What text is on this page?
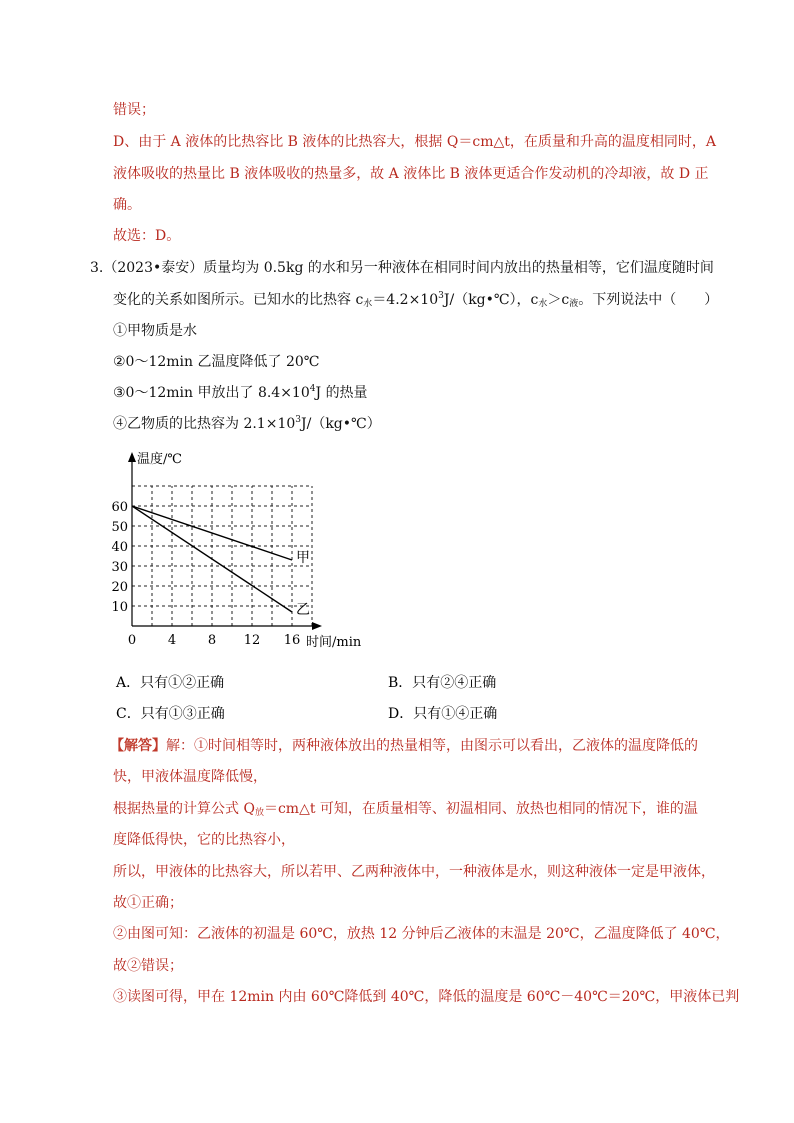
错误；
D、由于 A 液体的比热容比 B 液体的比热容大，根据 Q＝cm△t，在质量和升高的温度相同时，A
液体吸收的热量比 B 液体吸收的热量多，故 A 液体比 B 液体更适合作发动机的冷却液，故 D 正
确。
故选：D。
3.（2023•泰安）质量均为 0.5kg 的水和另一种液体在相同时间内放出的热量相等，它们温度随时间
变化的关系如图所示。已知水的比热容 $c_水=4.2\times 10^3J/(kg•℃)$，$c_水>c_液$。下列说法中（　　）
①甲物质是水
②0～12min 乙温度降低了 20℃
③0～12min 甲放出了 $8.4\times 10^4J$ 的热量
④乙物质的比热容为 $2.1\times 10^3J/(kg•℃)$
0 4 8 12 16
10
20
30
40
50
60
甲
乙
温度/℃
时间/min
A．只有①②正确	B．只有②④正确
C．只有①③正确	D．只有①④正确
【解答】解：①时间相等时，两种液体放出的热量相等，由图示可以看出，乙液体的温度降低的
快，甲液体温度降低慢，
根据热量的计算公式 $Q_放=cm\triangle t$ 可知，在质量相等、初温相同、放热也相同的情况下，谁的温
度降低得快，它的比热容小，
所以，甲液体的比热容大，所以若甲、乙两种液体中，一种液体是水，则这种液体一定是甲液体，
故①正确；
②由图可知：乙液体的初温是 60℃，放热 12 分钟后乙液体的末温是 20℃，乙温度降低了 40℃，
故②错误；
③读图可得，甲在 12min 内由 60℃降低到 40℃，降低的温度是 60℃－40℃＝20℃，甲液体已判
